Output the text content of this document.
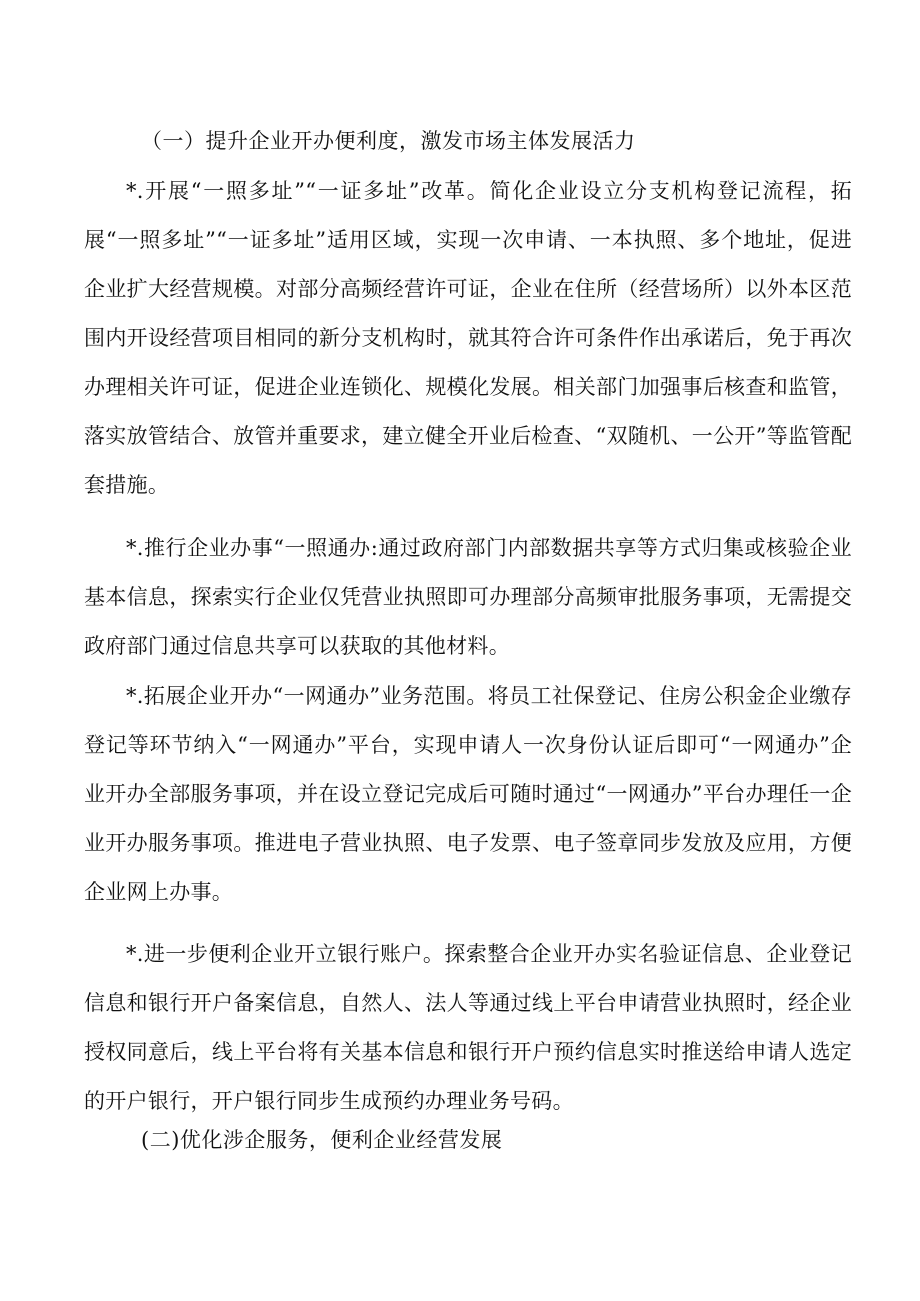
（一）提升企业开办便利度，激发市场主体发展活力
*.开展“一照多址”“一证多址”改革。简化企业设立分支机构登记流程，拓展“一照多址”“一证多址”适用区域，实现一次申请、一本执照、多个地址，促进企业扩大经营规模。对部分高频经营许可证，企业在住所（经营场所）以外本区范围内开设经营项目相同的新分支机构时，就其符合许可条件作出承诺后，免于再次办理相关许可证，促进企业连锁化、规模化发展。相关部门加强事后核查和监管，落实放管结合、放管并重要求，建立健全开业后检查、“双随机、一公开”等监管配套措施。
*.推行企业办事“一照通办:通过政府部门内部数据共享等方式归集或核验企业基本信息，探索实行企业仅凭营业执照即可办理部分高频审批服务事项，无需提交政府部门通过信息共享可以获取的其他材料。
*.拓展企业开办“一网通办”业务范围。将员工社保登记、住房公积金企业缴存登记等环节纳入“一网通办”平台，实现申请人一次身份认证后即可“一网通办”企业开办全部服务事项，并在设立登记完成后可随时通过“一网通办”平台办理任一企业开办服务事项。推进电子营业执照、电子发票、电子签章同步发放及应用，方便企业网上办事。
*.进一步便利企业开立银行账户。探索整合企业开办实名验证信息、企业登记信息和银行开户备案信息，自然人、法人等通过线上平台申请营业执照时，经企业授权同意后，线上平台将有关基本信息和银行开户预约信息实时推送给申请人选定的开户银行，开户银行同步生成预约办理业务号码。
(二)优化涉企服务，便利企业经营发展
